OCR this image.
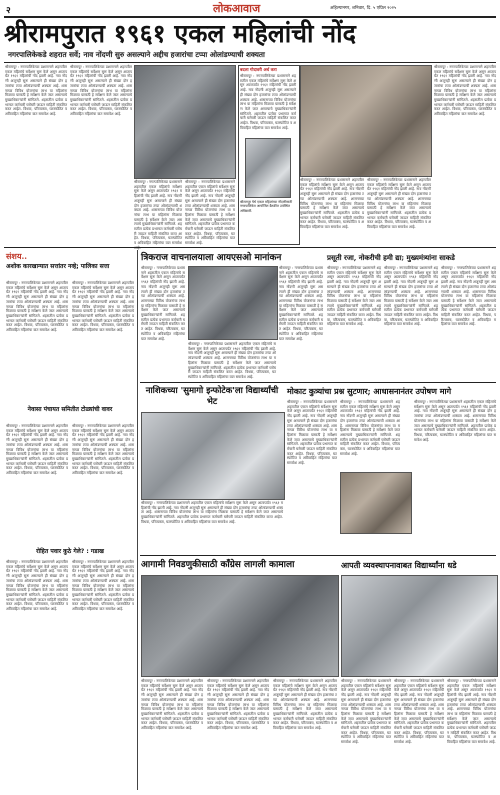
२	लोकआवाज	अहिल्यानगर, शनिवार, दि. ५ एप्रिल २०२५
श्रीरामपुरात १९६१ एकल महिलांची नोंद
नगरपालिकेकडे शहरात सर्वे; नाव नोंदणी सुरु असल्याने अद्दीच हजारांचा टप्पा ओलांडण्याची शक्यता
श्रीरामपूर : नगरपालिकेच्या प्रशासनाने शहरातील एकल महिलांचे सर्वेक्षण सुरू केले असून आतापर्यंत १९६१ महिलांची नोंद झाली आहे. नाव नोंदणी अजूनही सुरू असल्याने ही संख्या दोन हजारांचा टप्पा ओलांडण्याची शक्यता आहे. शासनाच्या विविध योजनांचा लाभ या महिलांना मिळावा यासाठी हे सर्वेक्षण केले जात असल्याचे मुख्याधिकाऱ्यांनी सांगितले. शहरातील प्रत्येक प्रभागात कर्मचारी घरोघरी जाऊन माहिती संकलित करत आहेत. विधवा, परित्यक्ता, घटस्फोटित व अविवाहित महिलांचा यात समावेश आहे.
श्रीरामपूर : नगरपालिकेच्या प्रशासनाने शहरातील एकल महिलांचे सर्वेक्षण सुरू केले असून आतापर्यंत १९६१ महिलांची नोंद झाली आहे. नाव नोंदणी अजूनही सुरू असल्याने ही संख्या दोन हजारांचा टप्पा ओलांडण्याची शक्यता आहे. शासनाच्या विविध योजनांचा लाभ या महिलांना मिळावा यासाठी हे सर्वेक्षण केले जात असल्याचे मुख्याधिकाऱ्यांनी सांगितले. शहरातील प्रत्येक प्रभागात कर्मचारी घरोघरी जाऊन माहिती संकलित करत आहेत. विधवा, परित्यक्ता, घटस्फोटित व अविवाहित महिलांचा यात समावेश आहे.
श्रीरामपूर : नगरपालिकेच्या प्रशासनाने शहरातील एकल महिलांचे सर्वेक्षण सुरू केले असून आतापर्यंत १९६१ महिलांची नोंद झाली आहे. नाव नोंदणी अजूनही सुरू असल्याने ही संख्या दोन हजारांचा टप्पा ओलांडण्याची शक्यता आहे. शासनाच्या विविध योजनांचा लाभ या महिलांना मिळावा यासाठी हे सर्वेक्षण केले जात असल्याचे मुख्याधिकाऱ्यांनी सांगितले. शहरातील प्रत्येक प्रभागात कर्मचारी घरोघरी जाऊन माहिती संकलित करत आहेत. विधवा, परित्यक्ता, घटस्फोटित व अविवाहित महिलांचा यात समावेश
श्रीरामपूर : नगरपालिकेच्या प्रशासनाने शहरातील एकल महिलांचे सर्वेक्षण सुरू केले असून आतापर्यंत १९६१ महिलांची नोंद झाली आहे. नाव नोंदणी अजूनही सुरू असल्याने ही संख्या दोन हजारांचा टप्पा ओलांडण्याची शक्यता आहे. शासनाच्या विविध योजनांचा लाभ या महिलांना मिळावा यासाठी हे सर्वेक्षण केले जात असल्याचे मुख्याधिकाऱ्यांनी सांगितले. शहरातील प्रत्येक प्रभागात कर्मचारी घरोघरी जाऊन माहिती संकलित करत आहेत. विधवा, परित्यक्ता, घटस्फोटित व अविवाहित महिलांचा यात समावेश आहे.
बदला गोदावरी अर्थ करा
श्रीरामपूर : नगरपालिकेच्या प्रशासनाने शहरातील एकल महिलांचे सर्वेक्षण सुरू केले असून आतापर्यंत १९६१ महिलांची नोंद झाली आहे. नाव नोंदणी अजूनही सुरू असल्याने ही संख्या दोन हजारांचा टप्पा ओलांडण्याची शक्यता आहे. शासनाच्या विविध योजनांचा लाभ या महिलांना मिळावा यासाठी हे सर्वेक्षण केले जात असल्याचे मुख्याधिकाऱ्यांनी सांगितले. शहरातील प्रत्येक प्रभागात कर्मचारी घरोघरी जाऊन माहिती संकलित करत आहेत. विधवा, परित्यक्ता, घटस्फोटित व अविवाहित महिलांचा यात समावेश आहे.
श्रीरामपूर येथे एकल महिलांच्या नोंदणीसाठी नगरपालिकेत आयोजित बैठकीत उपस्थित अधिकारी.
श्रीरामपूर : नगरपालिकेच्या प्रशासनाने शहरातील एकल महिलांचे सर्वेक्षण सुरू केले असून आतापर्यंत १९६१ महिलांची नोंद झाली आहे. नाव नोंदणी अजूनही सुरू असल्याने ही संख्या दोन हजारांचा टप्पा ओलांडण्याची शक्यता आहे. शासनाच्या विविध योजनांचा लाभ या महिलांना मिळावा यासाठी हे सर्वेक्षण केले जात असल्याचे मुख्याधिकाऱ्यांनी सांगितले. शहरातील प्रत्येक प्रभागात कर्मचारी घरोघरी जाऊन माहिती संकलित करत आहेत. विधवा, परित्यक्ता, घटस्फोटित व अविवाहित महिलांचा यात समावेश आहे.
श्रीरामपूर : नगरपालिकेच्या प्रशासनाने शहरातील एकल महिलांचे सर्वेक्षण सुरू केले असून आतापर्यंत १९६१ महिलांची नोंद झाली आहे. नाव नोंदणी अजूनही सुरू असल्याने ही संख्या दोन हजारांचा टप्पा ओलांडण्याची शक्यता आहे. शासनाच्या विविध योजनांचा लाभ या महिलांना मिळावा यासाठी हे सर्वेक्षण केले जात असल्याचे मुख्याधिकाऱ्यांनी सांगितले. शहरातील प्रत्येक प्रभागात कर्मचारी घरोघरी जाऊन माहिती संकलित करत आहेत. विधवा, परित्यक्ता, घटस्फोटित व अविवाहित महिलांचा यात समावेश आहे.
श्रीरामपूर : नगरपालिकेच्या प्रशासनाने शहरातील एकल महिलांचे सर्वेक्षण सुरू केले असून आतापर्यंत १९६१ महिलांची नोंद झाली आहे. नाव नोंदणी अजूनही सुरू असल्याने ही संख्या दोन हजारांचा टप्पा ओलांडण्याची शक्यता आहे. शासनाच्या विविध योजनांचा लाभ या महिलांना मिळावा यासाठी हे सर्वेक्षण केले जात असल्याचे मुख्याधिकाऱ्यांनी सांगितले. शहरातील प्रत्येक प्रभागात कर्मचारी घरोघरी जाऊन माहिती संकलित करत आहेत. विधवा, परित्यक्ता, घटस्फोटित व अविवाहित महिलांचा यात समावेश आहे.
संशय..
अशोक कारखान्यात सत्तांतर नव्हे; पालिका सत्ता
श्रीरामपूर : नगरपालिकेच्या प्रशासनाने शहरातील एकल महिलांचे सर्वेक्षण सुरू केले असून आतापर्यंत १९६१ महिलांची नोंद झाली आहे. नाव नोंदणी अजूनही सुरू असल्याने ही संख्या दोन हजारांचा टप्पा ओलांडण्याची शक्यता आहे. शासनाच्या विविध योजनांचा लाभ या महिलांना मिळावा यासाठी हे सर्वेक्षण केले जात असल्याचे मुख्याधिकाऱ्यांनी सांगितले. शहरातील प्रत्येक प्रभागात कर्मचारी घरोघरी जाऊन माहिती संकलित करत आहेत. विधवा, परित्यक्ता, घटस्फोटित व अविवाहित महिलांचा यात समावेश आहे.
श्रीरामपूर : नगरपालिकेच्या प्रशासनाने शहरातील एकल महिलांचे सर्वेक्षण सुरू केले असून आतापर्यंत १९६१ महिलांची नोंद झाली आहे. नाव नोंदणी अजूनही सुरू असल्याने ही संख्या दोन हजारांचा टप्पा ओलांडण्याची शक्यता आहे. शासनाच्या विविध योजनांचा लाभ या महिलांना मिळावा यासाठी हे सर्वेक्षण केले जात असल्याचे मुख्याधिकाऱ्यांनी सांगितले. शहरातील प्रत्येक प्रभागात कर्मचारी घरोघरी जाऊन माहिती संकलित करत आहेत. विधवा, परित्यक्ता, घटस्फोटित व अविवाहित महिलांचा यात समावेश आहे.
नेवासा पंचायत समितीत टोळ्यांची वावर
श्रीरामपूर : नगरपालिकेच्या प्रशासनाने शहरातील एकल महिलांचे सर्वेक्षण सुरू केले असून आतापर्यंत १९६१ महिलांची नोंद झाली आहे. नाव नोंदणी अजूनही सुरू असल्याने ही संख्या दोन हजारांचा टप्पा ओलांडण्याची शक्यता आहे. शासनाच्या विविध योजनांचा लाभ या महिलांना मिळावा यासाठी हे सर्वेक्षण केले जात असल्याचे मुख्याधिकाऱ्यांनी सांगितले. शहरातील प्रत्येक प्रभागात कर्मचारी घरोघरी जाऊन माहिती संकलित करत आहेत. विधवा, परित्यक्ता, घटस्फोटित व अविवाहित महिलांचा यात समावेश आहे.
श्रीरामपूर : नगरपालिकेच्या प्रशासनाने शहरातील एकल महिलांचे सर्वेक्षण सुरू केले असून आतापर्यंत १९६१ महिलांची नोंद झाली आहे. नाव नोंदणी अजूनही सुरू असल्याने ही संख्या दोन हजारांचा टप्पा ओलांडण्याची शक्यता आहे. शासनाच्या विविध योजनांचा लाभ या महिलांना मिळावा यासाठी हे सर्वेक्षण केले जात असल्याचे मुख्याधिकाऱ्यांनी सांगितले. शहरातील प्रत्येक प्रभागात कर्मचारी घरोघरी जाऊन माहिती संकलित करत आहेत. विधवा, परित्यक्ता, घटस्फोटित व अविवाहित महिलांचा यात समावेश आहे.
रोहित पवार कुठे गेले? : गडाख
श्रीरामपूर : नगरपालिकेच्या प्रशासनाने शहरातील एकल महिलांचे सर्वेक्षण सुरू केले असून आतापर्यंत १९६१ महिलांची नोंद झाली आहे. नाव नोंदणी अजूनही सुरू असल्याने ही संख्या दोन हजारांचा टप्पा ओलांडण्याची शक्यता आहे. शासनाच्या विविध योजनांचा लाभ या महिलांना मिळावा यासाठी हे सर्वेक्षण केले जात असल्याचे मुख्याधिकाऱ्यांनी सांगितले. शहरातील प्रत्येक प्रभागात कर्मचारी घरोघरी जाऊन माहिती संकलित करत आहेत. विधवा, परित्यक्ता, घटस्फोटित व अविवाहित महिलांचा यात समावेश आहे.
श्रीरामपूर : नगरपालिकेच्या प्रशासनाने शहरातील एकल महिलांचे सर्वेक्षण सुरू केले असून आतापर्यंत १९६१ महिलांची नोंद झाली आहे. नाव नोंदणी अजूनही सुरू असल्याने ही संख्या दोन हजारांचा टप्पा ओलांडण्याची शक्यता आहे. शासनाच्या विविध योजनांचा लाभ या महिलांना मिळावा यासाठी हे सर्वेक्षण केले जात असल्याचे मुख्याधिकाऱ्यांनी सांगितले. शहरातील प्रत्येक प्रभागात कर्मचारी घरोघरी जाऊन माहिती संकलित करत आहेत. विधवा, परित्यक्ता, घटस्फोटित व अविवाहित महिलांचा यात समावेश आहे.
त्रिकराज वाचनालयाला आयएसओ मानांकन
श्रीरामपूर : नगरपालिकेच्या प्रशासनाने शहरातील एकल महिलांचे सर्वेक्षण सुरू केले असून आतापर्यंत १९६१ महिलांची नोंद झाली आहे. नाव नोंदणी अजूनही सुरू असल्याने ही संख्या दोन हजारांचा टप्पा ओलांडण्याची शक्यता आहे. शासनाच्या विविध योजनांचा लाभ या महिलांना मिळावा यासाठी हे सर्वेक्षण केले जात असल्याचे मुख्याधिकाऱ्यांनी सांगितले. शहरातील प्रत्येक प्रभागात कर्मचारी घरोघरी जाऊन माहिती संकलित करत आहेत. विधवा, परित्यक्ता, घटस्फोटित व अविवाहित महिलांचा यात समावेश आहे.
श्रीरामपूर : नगरपालिकेच्या प्रशासनाने शहरातील एकल महिलांचे सर्वेक्षण सुरू केले असून आतापर्यंत १९६१ महिलांची नोंद झाली आहे. नाव नोंदणी अजूनही सुरू असल्याने ही संख्या दोन हजारांचा टप्पा ओलांडण्याची शक्यता आहे. शासनाच्या विविध योजनांचा लाभ या महिलांना मिळावा यासाठी हे सर्वेक्षण केले जात असल्याचे मुख्याधिकाऱ्यांनी सांगितले. शहरातील प्रत्येक प्रभागात कर्मचारी घरोघरी जाऊन माहिती संकलित करत आहेत. विधवा, परित्यक्ता, घटस्फोटित व अविवाहित महिलांचा यात समावेश आहे.
श्रीरामपूर : नगरपालिकेच्या प्रशासनाने शहरातील एकल महिलांचे सर्वेक्षण सुरू केले असून आतापर्यंत १९६१ महिलांची नोंद झाली आहे. नाव नोंदणी अजूनही सुरू असल्याने ही संख्या दोन हजारांचा टप्पा ओलांडण्याची शक्यता आहे. शासनाच्या विविध योजनांचा लाभ या महिलांना मिळावा यासाठी हे सर्वेक्षण केले जात असल्याचे मुख्याधिकाऱ्यांनी सांगितले. शहरातील प्रत्येक प्रभागात कर्मचारी घरोघरी जाऊन माहिती संकलित करत आहेत. विधवा, परित्यक्ता, घटस्फोटित व अविवाहित महिलांचा यात समावेश आहे.
प्रसूती रजा, नोकरीची हमी द्या; मुख्यमंत्र्यांना साकडे
श्रीरामपूर : नगरपालिकेच्या प्रशासनाने शहरातील एकल महिलांचे सर्वेक्षण सुरू केले असून आतापर्यंत १९६१ महिलांची नोंद झाली आहे. नाव नोंदणी अजूनही सुरू असल्याने ही संख्या दोन हजारांचा टप्पा ओलांडण्याची शक्यता आहे. शासनाच्या विविध योजनांचा लाभ या महिलांना मिळावा यासाठी हे सर्वेक्षण केले जात असल्याचे मुख्याधिकाऱ्यांनी सांगितले. शहरातील प्रत्येक प्रभागात कर्मचारी घरोघरी जाऊन माहिती संकलित करत आहेत. विधवा, परित्यक्ता, घटस्फोटित व अविवाहित महिलांचा यात समावेश आहे.
श्रीरामपूर : नगरपालिकेच्या प्रशासनाने शहरातील एकल महिलांचे सर्वेक्षण सुरू केले असून आतापर्यंत १९६१ महिलांची नोंद झाली आहे. नाव नोंदणी अजूनही सुरू असल्याने ही संख्या दोन हजारांचा टप्पा ओलांडण्याची शक्यता आहे. शासनाच्या विविध योजनांचा लाभ या महिलांना मिळावा यासाठी हे सर्वेक्षण केले जात असल्याचे मुख्याधिकाऱ्यांनी सांगितले. शहरातील प्रत्येक प्रभागात कर्मचारी घरोघरी जाऊन माहिती संकलित करत आहेत. विधवा, परित्यक्ता, घटस्फोटित व अविवाहित महिलांचा यात समावेश आहे.
श्रीरामपूर : नगरपालिकेच्या प्रशासनाने शहरातील एकल महिलांचे सर्वेक्षण सुरू केले असून आतापर्यंत १९६१ महिलांची नोंद झाली आहे. नाव नोंदणी अजूनही सुरू असल्याने ही संख्या दोन हजारांचा टप्पा ओलांडण्याची शक्यता आहे. शासनाच्या विविध योजनांचा लाभ या महिलांना मिळावा यासाठी हे सर्वेक्षण केले जात असल्याचे मुख्याधिकाऱ्यांनी सांगितले. शहरातील प्रत्येक प्रभागात कर्मचारी घरोघरी जाऊन माहिती संकलित करत आहेत. विधवा, परित्यक्ता, घटस्फोटित व अविवाहित महिलांचा यात समावेश आहे.
नाशिकच्या 'सुमागो इन्फोटेक'ला विद्यार्थ्यांची भेट
श्रीरामपूर : नगरपालिकेच्या प्रशासनाने शहरातील एकल महिलांचे सर्वेक्षण सुरू केले असून आतापर्यंत १९६१ महिलांची नोंद झाली आहे. नाव नोंदणी अजूनही सुरू असल्याने ही संख्या दोन हजारांचा टप्पा ओलांडण्याची शक्यता आहे. शासनाच्या विविध योजनांचा लाभ या महिलांना मिळावा यासाठी हे सर्वेक्षण केले जात असल्याचे मुख्याधिकाऱ्यांनी सांगितले. शहरातील प्रत्येक प्रभागात कर्मचारी घरोघरी जाऊन माहिती संकलित करत आहेत. विधवा, परित्यक्ता, घटस्फोटित व अविवाहित महिलांचा यात समावेश आहे.
मोकाट कुत्र्यांचा प्रश्न सुटणार; आधासनानंतर उपोषण मागे
श्रीरामपूर : नगरपालिकेच्या प्रशासनाने शहरातील एकल महिलांचे सर्वेक्षण सुरू केले असून आतापर्यंत १९६१ महिलांची नोंद झाली आहे. नाव नोंदणी अजूनही सुरू असल्याने ही संख्या दोन हजारांचा टप्पा ओलांडण्याची शक्यता आहे. शासनाच्या विविध योजनांचा लाभ या महिलांना मिळावा यासाठी हे सर्वेक्षण केले जात असल्याचे मुख्याधिकाऱ्यांनी सांगितले. शहरातील प्रत्येक प्रभागात कर्मचारी घरोघरी जाऊन माहिती संकलित करत आहेत. विधवा, परित्यक्ता, घटस्फोटित व अविवाहित महिलांचा यात समावेश आहे.
श्रीरामपूर : नगरपालिकेच्या प्रशासनाने शहरातील एकल महिलांचे सर्वेक्षण सुरू केले असून आतापर्यंत १९६१ महिलांची नोंद झाली आहे. नाव नोंदणी अजूनही सुरू असल्याने ही संख्या दोन हजारांचा टप्पा ओलांडण्याची शक्यता आहे. शासनाच्या विविध योजनांचा लाभ या महिलांना मिळावा यासाठी हे सर्वेक्षण केले जात असल्याचे मुख्याधिकाऱ्यांनी सांगितले. शहरातील प्रत्येक प्रभागात कर्मचारी घरोघरी जाऊन माहिती संकलित करत आहेत. विधवा, परित्यक्ता, घटस्फोटित व अविवाहित महिलांचा यात समावेश आहे.
श्रीरामपूर : नगरपालिकेच्या प्रशासनाने शहरातील एकल महिलांचे सर्वेक्षण सुरू केले असून आतापर्यंत १९६१ महिलांची नोंद झाली आहे. नाव नोंदणी अजूनही सुरू असल्याने ही संख्या दोन हजारांचा टप्पा ओलांडण्याची शक्यता आहे. शासनाच्या विविध योजनांचा लाभ या महिलांना मिळावा यासाठी हे सर्वेक्षण केले जात असल्याचे मुख्याधिकाऱ्यांनी सांगितले. शहरातील प्रत्येक प्रभागात कर्मचारी घरोघरी जाऊन माहिती संकलित करत आहेत. विधवा, परित्यक्ता, घटस्फोटित व अविवाहित महिलांचा यात समावेश आहे.
आगामी निवडणुकीसाठी कॉंग्रेस लागली कामाला
श्रीरामपूर : नगरपालिकेच्या प्रशासनाने शहरातील एकल महिलांचे सर्वेक्षण सुरू केले असून आतापर्यंत १९६१ महिलांची नोंद झाली आहे. नाव नोंदणी अजूनही सुरू असल्याने ही संख्या दोन हजारांचा टप्पा ओलांडण्याची शक्यता आहे. शासनाच्या विविध योजनांचा लाभ या महिलांना मिळावा यासाठी हे सर्वेक्षण केले जात असल्याचे मुख्याधिकाऱ्यांनी सांगितले. शहरातील प्रत्येक प्रभागात कर्मचारी घरोघरी जाऊन माहिती संकलित करत आहेत. विधवा, परित्यक्ता, घटस्फोटित व अविवाहित महिलांचा यात समावेश आहे.
श्रीरामपूर : नगरपालिकेच्या प्रशासनाने शहरातील एकल महिलांचे सर्वेक्षण सुरू केले असून आतापर्यंत १९६१ महिलांची नोंद झाली आहे. नाव नोंदणी अजूनही सुरू असल्याने ही संख्या दोन हजारांचा टप्पा ओलांडण्याची शक्यता आहे. शासनाच्या विविध योजनांचा लाभ या महिलांना मिळावा यासाठी हे सर्वेक्षण केले जात असल्याचे मुख्याधिकाऱ्यांनी सांगितले. शहरातील प्रत्येक प्रभागात कर्मचारी घरोघरी जाऊन माहिती संकलित करत आहेत. विधवा, परित्यक्ता, घटस्फोटित व अविवाहित महिलांचा यात समावेश आहे.
श्रीरामपूर : नगरपालिकेच्या प्रशासनाने शहरातील एकल महिलांचे सर्वेक्षण सुरू केले असून आतापर्यंत १९६१ महिलांची नोंद झाली आहे. नाव नोंदणी अजूनही सुरू असल्याने ही संख्या दोन हजारांचा टप्पा ओलांडण्याची शक्यता आहे. शासनाच्या विविध योजनांचा लाभ या महिलांना मिळावा यासाठी हे सर्वेक्षण केले जात असल्याचे मुख्याधिकाऱ्यांनी सांगितले. शहरातील प्रत्येक प्रभागात कर्मचारी घरोघरी जाऊन माहिती संकलित करत आहेत. विधवा, परित्यक्ता, घटस्फोटित व अविवाहित महिलांचा यात समावेश आहे.
आपती व्यवस्थापनावाबत विद्यार्थ्यांना धडे
श्रीरामपूर : नगरपालिकेच्या प्रशासनाने शहरातील एकल महिलांचे सर्वेक्षण सुरू केले असून आतापर्यंत १९६१ महिलांची नोंद झाली आहे. नाव नोंदणी अजूनही सुरू असल्याने ही संख्या दोन हजारांचा टप्पा ओलांडण्याची शक्यता आहे. शासनाच्या विविध योजनांचा लाभ या महिलांना मिळावा यासाठी हे सर्वेक्षण केले जात असल्याचे मुख्याधिकाऱ्यांनी सांगितले. शहरातील प्रत्येक प्रभागात कर्मचारी घरोघरी जाऊन माहिती संकलित करत आहेत. विधवा, परित्यक्ता, घटस्फोटित व अविवाहित महिलांचा यात समावेश आहे.
श्रीरामपूर : नगरपालिकेच्या प्रशासनाने शहरातील एकल महिलांचे सर्वेक्षण सुरू केले असून आतापर्यंत १९६१ महिलांची नोंद झाली आहे. नाव नोंदणी अजूनही सुरू असल्याने ही संख्या दोन हजारांचा टप्पा ओलांडण्याची शक्यता आहे. शासनाच्या विविध योजनांचा लाभ या महिलांना मिळावा यासाठी हे सर्वेक्षण केले जात असल्याचे मुख्याधिकाऱ्यांनी सांगितले. शहरातील प्रत्येक प्रभागात कर्मचारी घरोघरी जाऊन माहिती संकलित करत आहेत. विधवा, परित्यक्ता, घटस्फोटित व अविवाहित महिलांचा यात समावेश आहे.
श्रीरामपूर : नगरपालिकेच्या प्रशासनाने शहरातील एकल महिलांचे सर्वेक्षण सुरू केले असून आतापर्यंत १९६१ महिलांची नोंद झाली आहे. नाव नोंदणी अजूनही सुरू असल्याने ही संख्या दोन हजारांचा टप्पा ओलांडण्याची शक्यता आहे. शासनाच्या विविध योजनांचा लाभ या महिलांना मिळावा यासाठी हे सर्वेक्षण केले जात असल्याचे मुख्याधिकाऱ्यांनी सांगितले. शहरातील प्रत्येक प्रभागात कर्मचारी घरोघरी जाऊन माहिती संकलित करत आहेत. विधवा, परित्यक्ता, घटस्फोटित व अविवाहित महिलांचा यात समावेश आहे.
